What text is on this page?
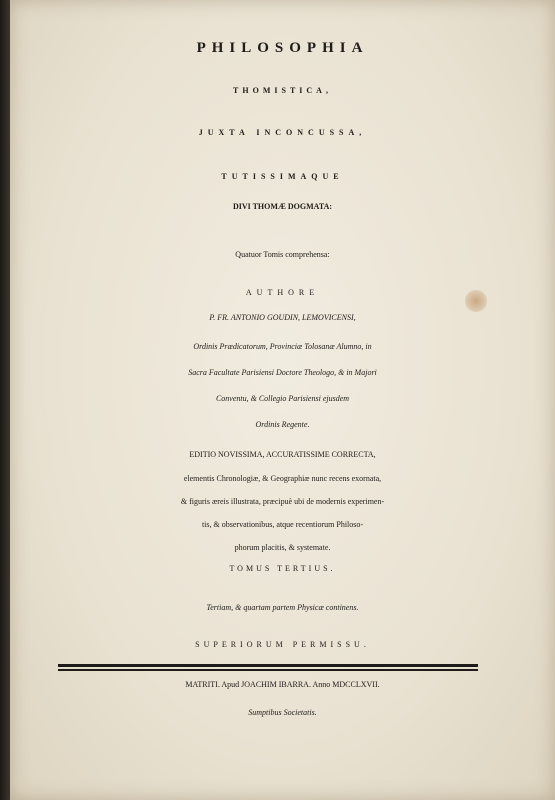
PHILOSOPHIA
THOMISTICA,
JUXTA INCONCUSSA,
TUTISSIMAQUE
DIVI THOMÆ DOGMATA:
Quatuor Tomis comprehensa:
AUTHORE
P. FR. ANTONIO GOUDIN, LEMOVICENSI,
Ordinis Prædicatorum, Provinciæ Tolosanæ Alumno, in
Sacra Facultate Parisiensi Doctore Theologo, & in Majori
Conventu, & Collegio Parisiensi ejusdem
Ordinis Regente.
EDITIO NOVISSIMA, ACCURATISSIME CORRECTA,
elementis Chronologiæ, & Geographiæ nunc recens exornata,
& figuris æreis illustrata, præcipuè ubi de modernis experimen-
tis, & observationibus, atque recentiorum Philoso-
phorum placitis, & systemate.
TOMUS TERTIUS.
Tertiam, & quartam partem Physicæ continens.
SUPERIORUM PERMISSU.
MATRITI. Apud JOACHIM IBARRA. Anno MDCCLXVII.
Sumptibus Societatis.
